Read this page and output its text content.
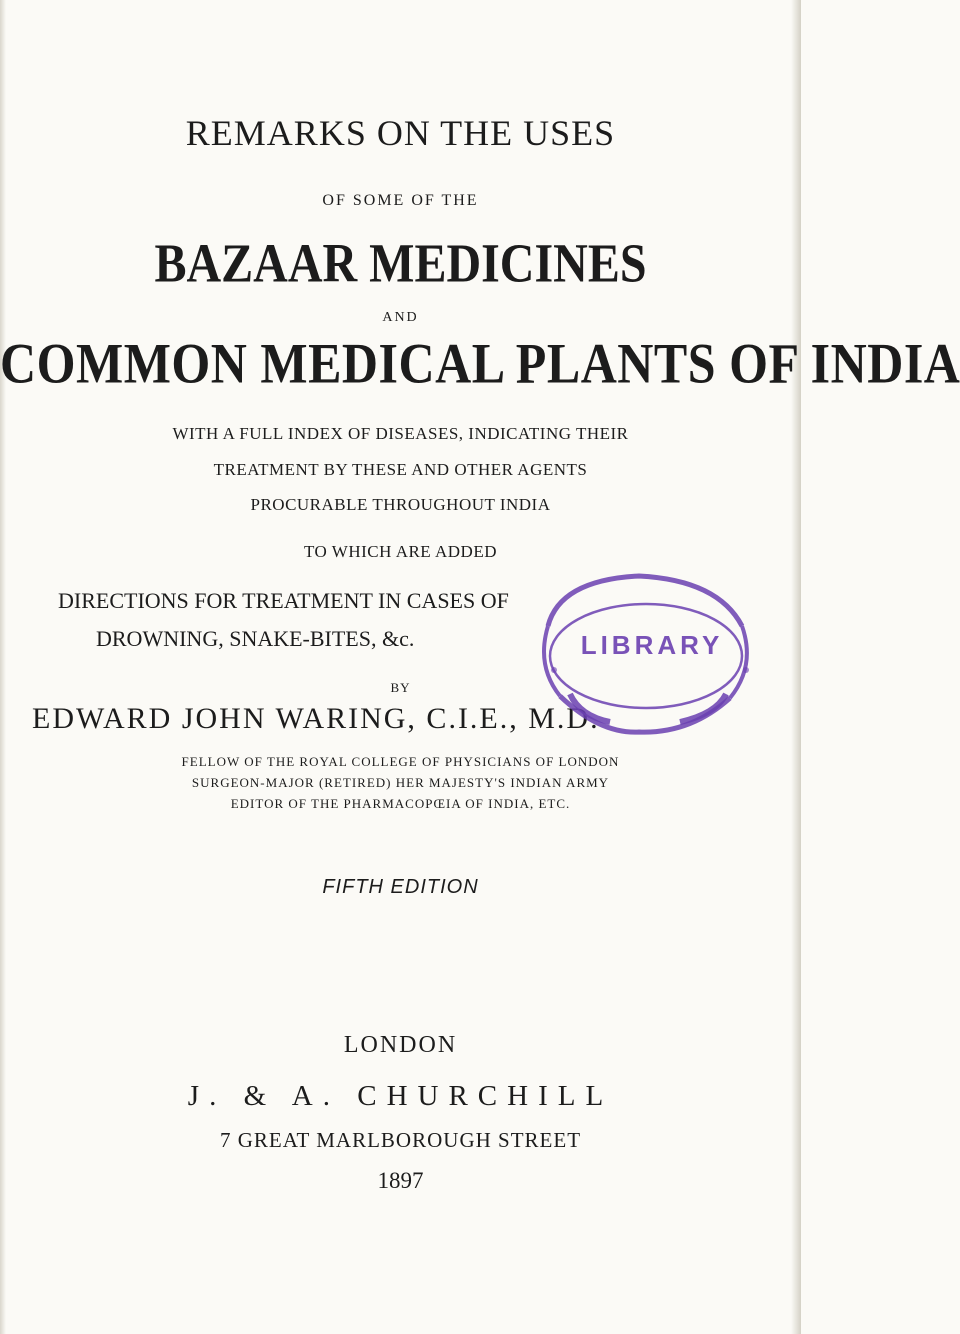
REMARKS ON THE USES
OF SOME OF THE
BAZAAR MEDICINES
AND
COMMON MEDICAL PLANTS OF INDIA
WITH A FULL INDEX OF DISEASES, INDICATING THEIR
TREATMENT BY THESE AND OTHER AGENTS
PROCURABLE THROUGHOUT INDIA
TO WHICH ARE ADDED
DIRECTIONS FOR TREATMENT IN CASES OF
DROWNING, SNAKE-BITES, &c.
BY
EDWARD JOHN WARING, C.I.E., M.D.
FELLOW OF THE ROYAL COLLEGE OF PHYSICIANS OF LONDON
SURGEON-MAJOR (RETIRED) HER MAJESTY'S INDIAN ARMY
EDITOR OF THE PHARMACOPŒIA OF INDIA, ETC.
FIFTH EDITION
LONDON
J. & A. CHURCHILL
7 GREAT MARLBOROUGH STREET
1897
LIBRARY
